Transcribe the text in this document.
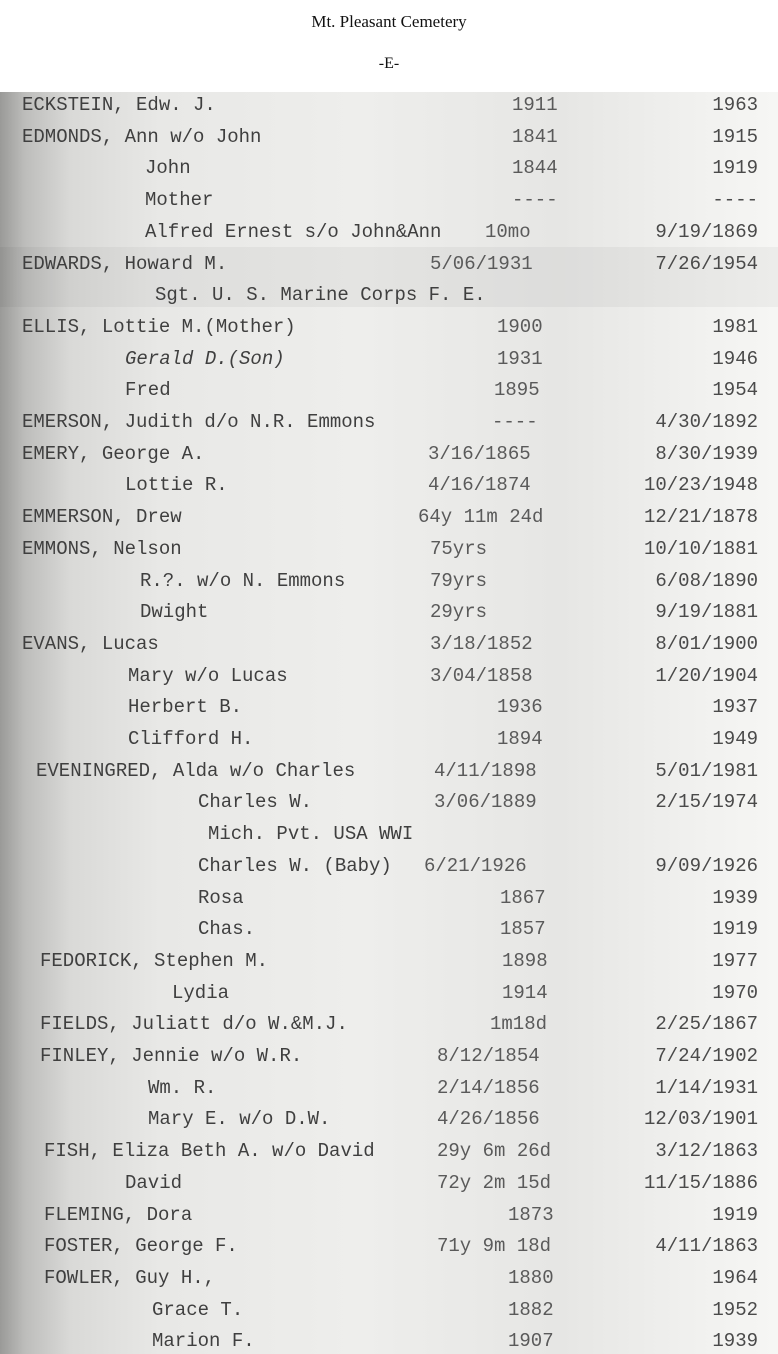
Mt. Pleasant Cemetery
-E-
ECKSTEIN, Edw. J.	1911	1963
EDMONDS, Ann w/o John	1841	1915
John	1844	1919
Mother	----	----
Alfred Ernest s/o John&Ann 10mo	9/19/1869
EDWARDS, Howard M.	5/06/1931	7/26/1954
Sgt. U. S. Marine Corps F. E.
ELLIS, Lottie M.(Mother)	1900	1981
Gerald D.(Son)	1931	1946
Fred	1895	1954
EMERSON, Judith d/o N.R. Emmons	----	4/30/1892
EMERY, George A.	3/16/1865	8/30/1939
Lottie R.	4/16/1874	10/23/1948
EMMERSON, Drew	64y 11m 24d	12/21/1878
EMMONS, Nelson	75yrs	10/10/1881
R.?. w/o N. Emmons	79yrs	6/08/1890
Dwight	29yrs	9/19/1881
EVANS, Lucas	3/18/1852	8/01/1900
Mary w/o Lucas	3/04/1858	1/20/1904
Herbert B.	1936	1937
Clifford H.	1894	1949
EVENINGRED, Alda w/o Charles	4/11/1898	5/01/1981
Charles W.	3/06/1889	2/15/1974
Mich. Pvt. USA WWI
Charles W. (Baby) 6/21/1926	9/09/1926
Rosa	1867	1939
Chas.	1857	1919
FEDORICK, Stephen M.	1898	1977
Lydia	1914	1970
FIELDS, Juliatt d/o W.&M.J.	1m18d	2/25/1867
FINLEY, Jennie w/o W.R.	8/12/1854	7/24/1902
Wm. R.	2/14/1856	1/14/1931
Mary E. w/o D.W.	4/26/1856	12/03/1901
FISH, Eliza Beth A. w/o David	29y 6m 26d	3/12/1863
David	72y 2m 15d	11/15/1886
FLEMING, Dora	1873	1919
FOSTER, George F.	71y 9m 18d	4/11/1863
FOWLER, Guy H.,	1880	1964
Grace T.	1882	1952
Marion F.	1907	1939
